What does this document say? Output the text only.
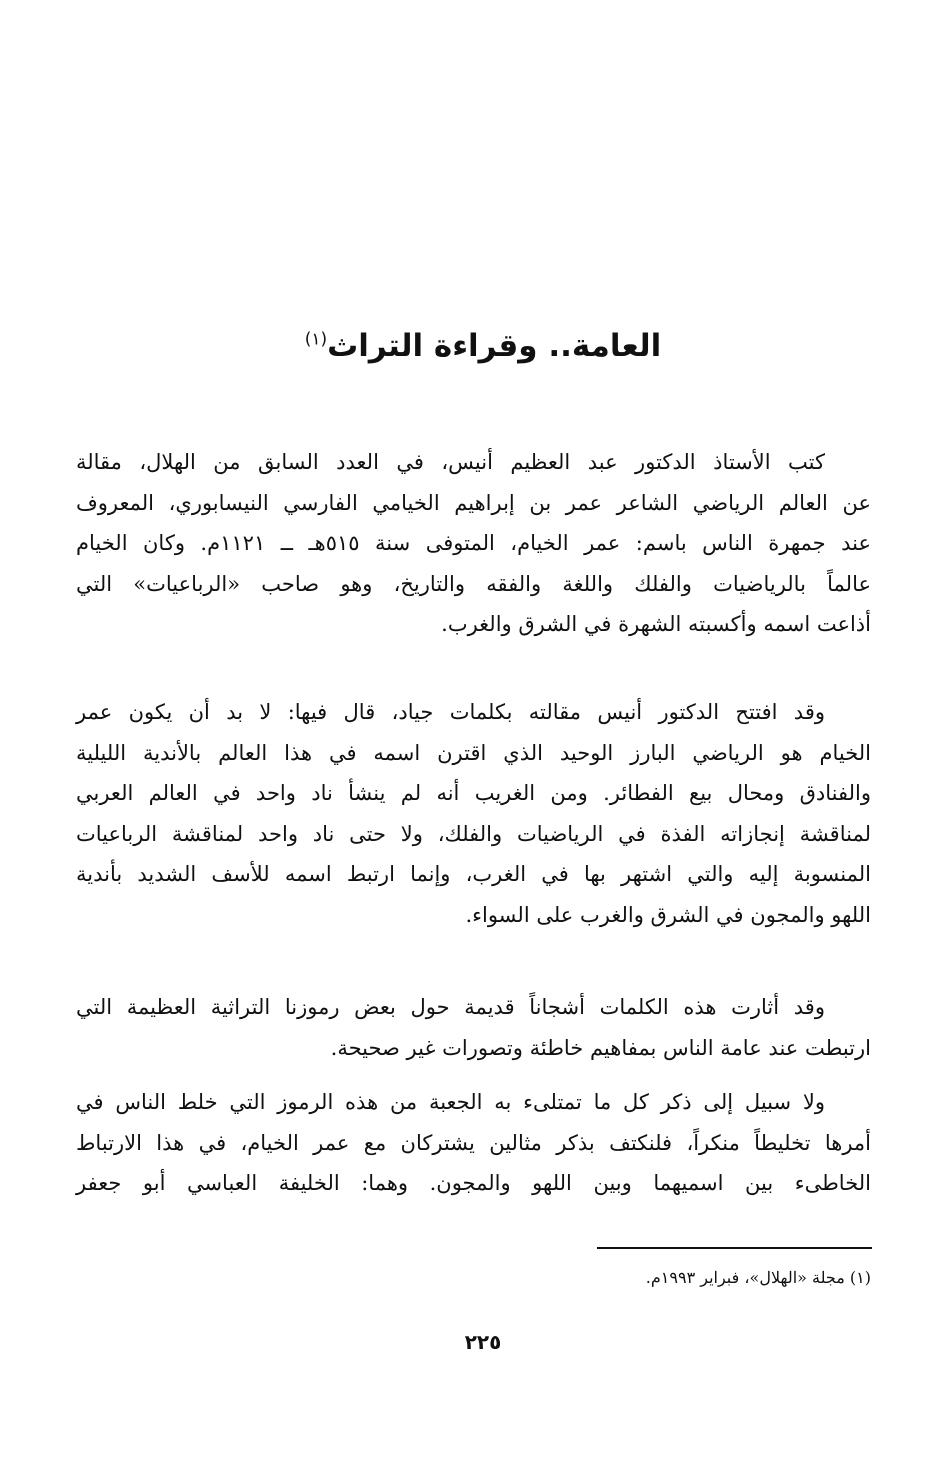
العامة.. وقراءة التراث$^{(١)}$
كتب الأستاذ الدكتور عبد العظيم أنيس، في العدد السابق من الهلال، مقالة
عن العالم الرياضي الشاعر عمر بن إبراهيم الخيامي الفارسي النيسابوري، المعروف
عند جمهرة الناس باسم: عمر الخيام، المتوفى سنة ٥١٥هـ ــ ١١٢١م. وكان الخيام
عالماً بالرياضيات والفلك واللغة والفقه والتاريخ، وهو صاحب «الرباعيات» التي
أذاعت اسمه وأكسبته الشهرة في الشرق والغرب.
وقد افتتح الدكتور أنيس مقالته بكلمات جياد، قال فيها: لا بد أن يكون عمر
الخيام هو الرياضي البارز الوحيد الذي اقترن اسمه في هذا العالم بالأندية الليلية
والفنادق ومحال بيع الفطائر. ومن الغريب أنه لم ينشأ ناد واحد في العالم العربي
لمناقشة إنجازاته الفذة في الرياضيات والفلك، ولا حتى ناد واحد لمناقشة الرباعيات
المنسوبة إليه والتي اشتهر بها في الغرب، وإنما ارتبط اسمه للأسف الشديد بأندية
اللهو والمجون في الشرق والغرب على السواء.
وقد أثارت هذه الكلمات أشجاناً قديمة حول بعض رموزنا التراثية العظيمة التي
ارتبطت عند عامة الناس بمفاهيم خاطئة وتصورات غير صحيحة.
ولا سبيل إلى ذكر كل ما تمتلىء به الجعبة من هذه الرموز التي خلط الناس في
أمرها تخليطاً منكراً، فلنكتف بذكر مثالين يشتركان مع عمر الخيام، في هذا الارتباط
الخاطىء بين اسميهما وبين اللهو والمجون. وهما: الخليفة العباسي أبو جعفر
(١) مجلة «الهلال»، فبراير ١٩٩٣م.
٢٢٥
